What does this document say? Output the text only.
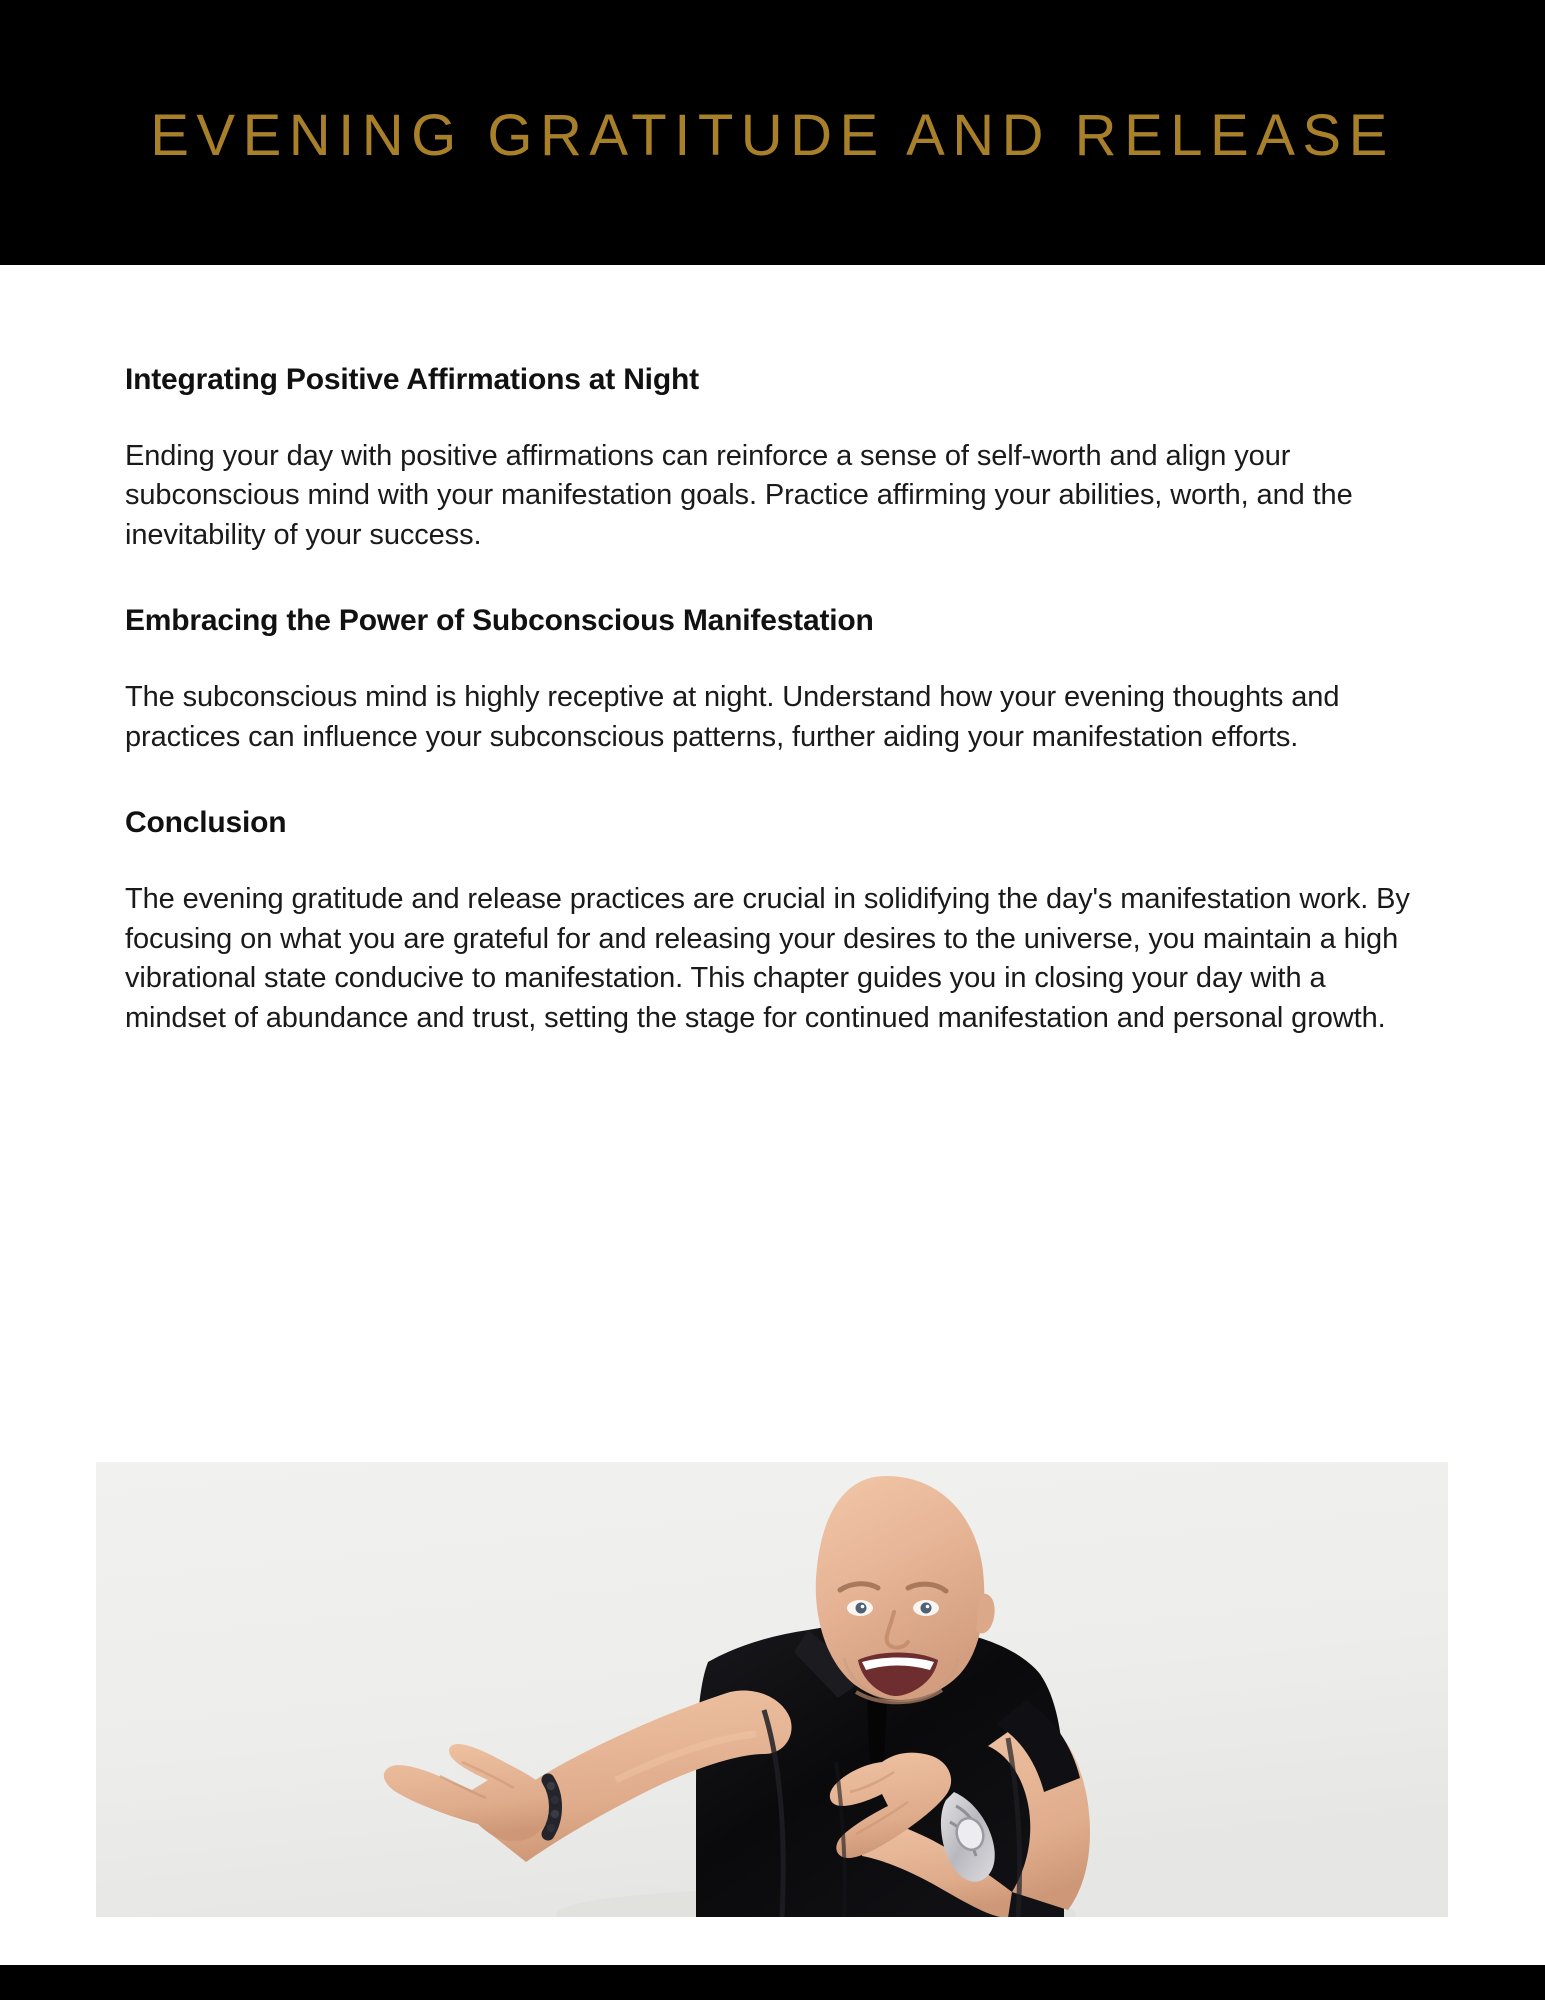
EVENING GRATITUDE AND RELEASE
Integrating Positive Affirmations at Night

Ending your day with positive affirmations can reinforce a sense of self-worth and align your subconscious mind with your manifestation goals. Practice affirming your abilities, worth, and the inevitability of your success.

Embracing the Power of Subconscious Manifestation

The subconscious mind is highly receptive at night. Understand how your evening thoughts and practices can influence your subconscious patterns, further aiding your manifestation efforts.

Conclusion

The evening gratitude and release practices are crucial in solidifying the day's manifestation work. By focusing on what you are grateful for and releasing your desires to the universe, you maintain a high vibrational state conducive to manifestation. This chapter guides you in closing your day with a mindset of abundance and trust, setting the stage for continued manifestation and personal growth.
